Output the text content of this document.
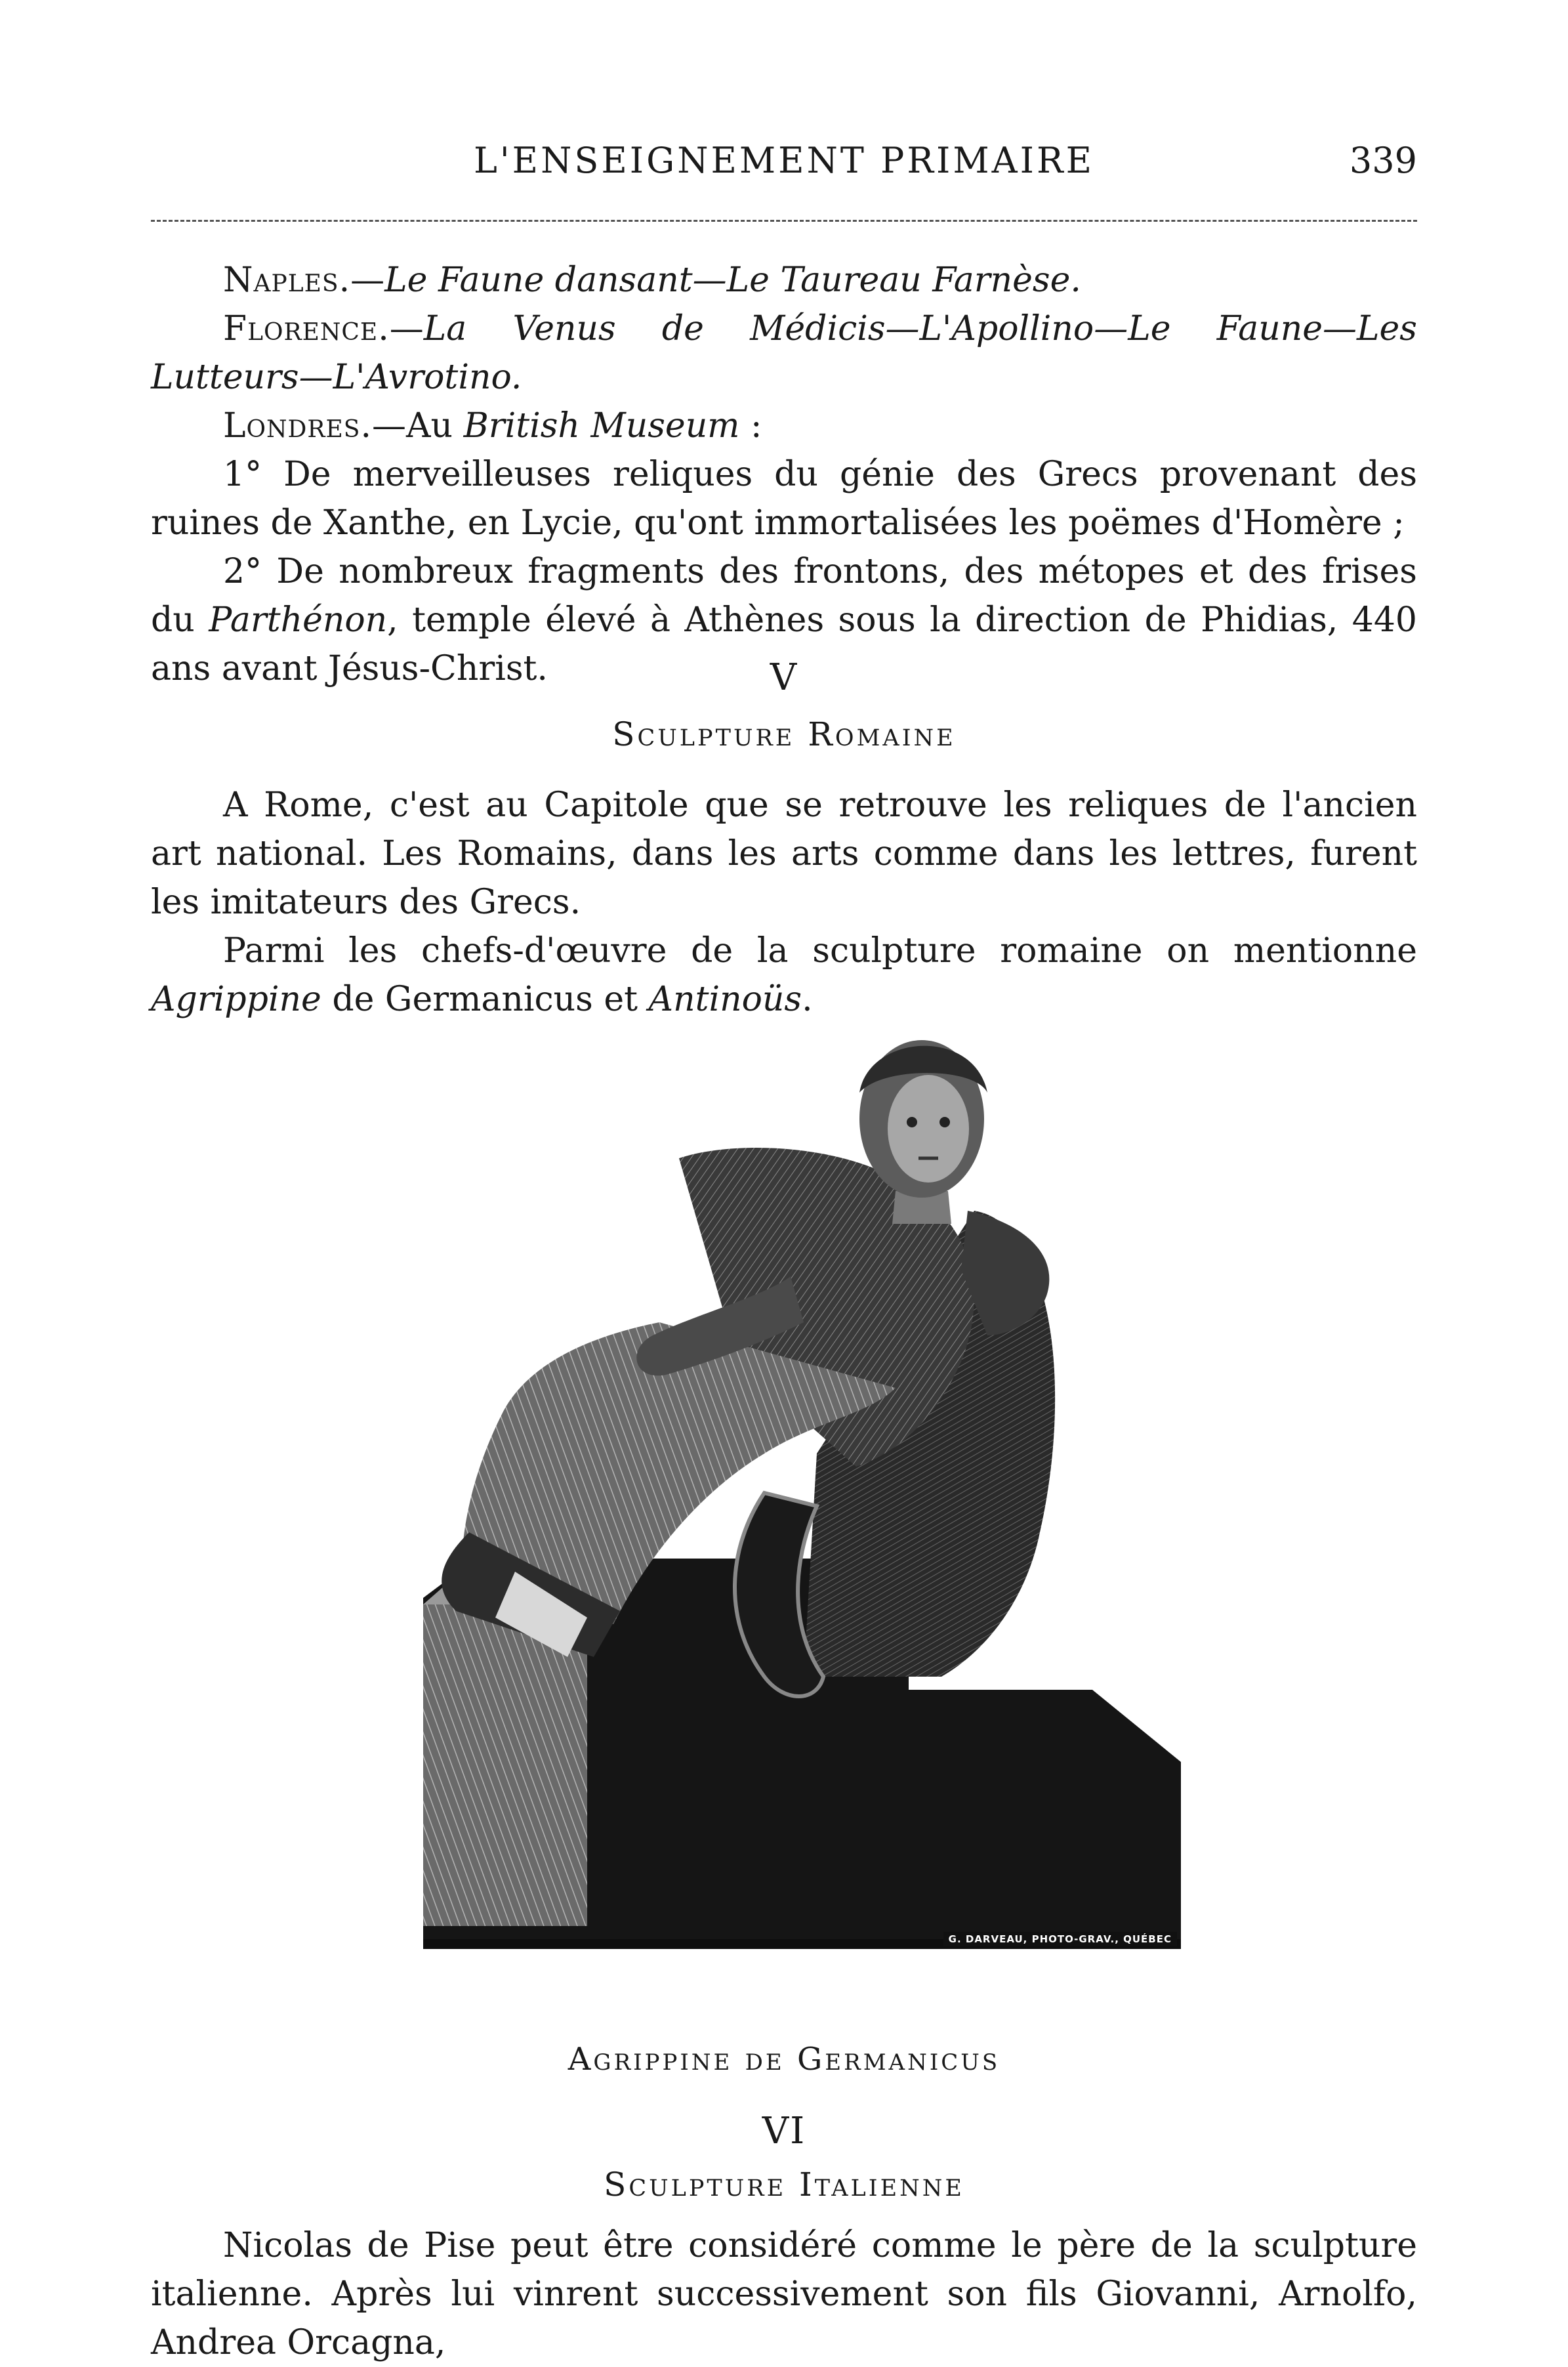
L'ENSEIGNEMENT PRIMAIRE	339

Naples.—Le Faune dansant—Le Taureau Farnèse.

Florence.—La Venus de Médicis—L'Apollino—Le Faune—Les Lutteurs—L'Avrotino.

Londres.—Au British Museum :

1° De merveilleuses reliques du génie des Grecs provenant des ruines de Xanthe, en Lycie, qu'ont immortalisées les poëmes d'Homère ;

2° De nombreux fragments des frontons, des métopes et des frises du Parthénon, temple élevé à Athènes sous la direction de Phidias, 440 ans avant Jésus-Christ.	V
Sculpture Romaine

A Rome, c'est au Capitole que se retrouve les reliques de l'ancien art national. Les Romains, dans les arts comme dans les lettres, furent les imitateurs des Grecs.

Parmi les chefs-d'œuvre de la sculpture romaine on mentionne Agrippine de Germanicus et Antinoüs.

G. DARVEAU, PHOTO-GRAV., QUÉBEC
Agrippine de Germanicus
VI
Sculpture Italienne

Nicolas de Pise peut être considéré comme le père de la sculpture italienne. Après lui vinrent successivement son fils Giovanni, Arnolfo, Andrea Orcagna,
